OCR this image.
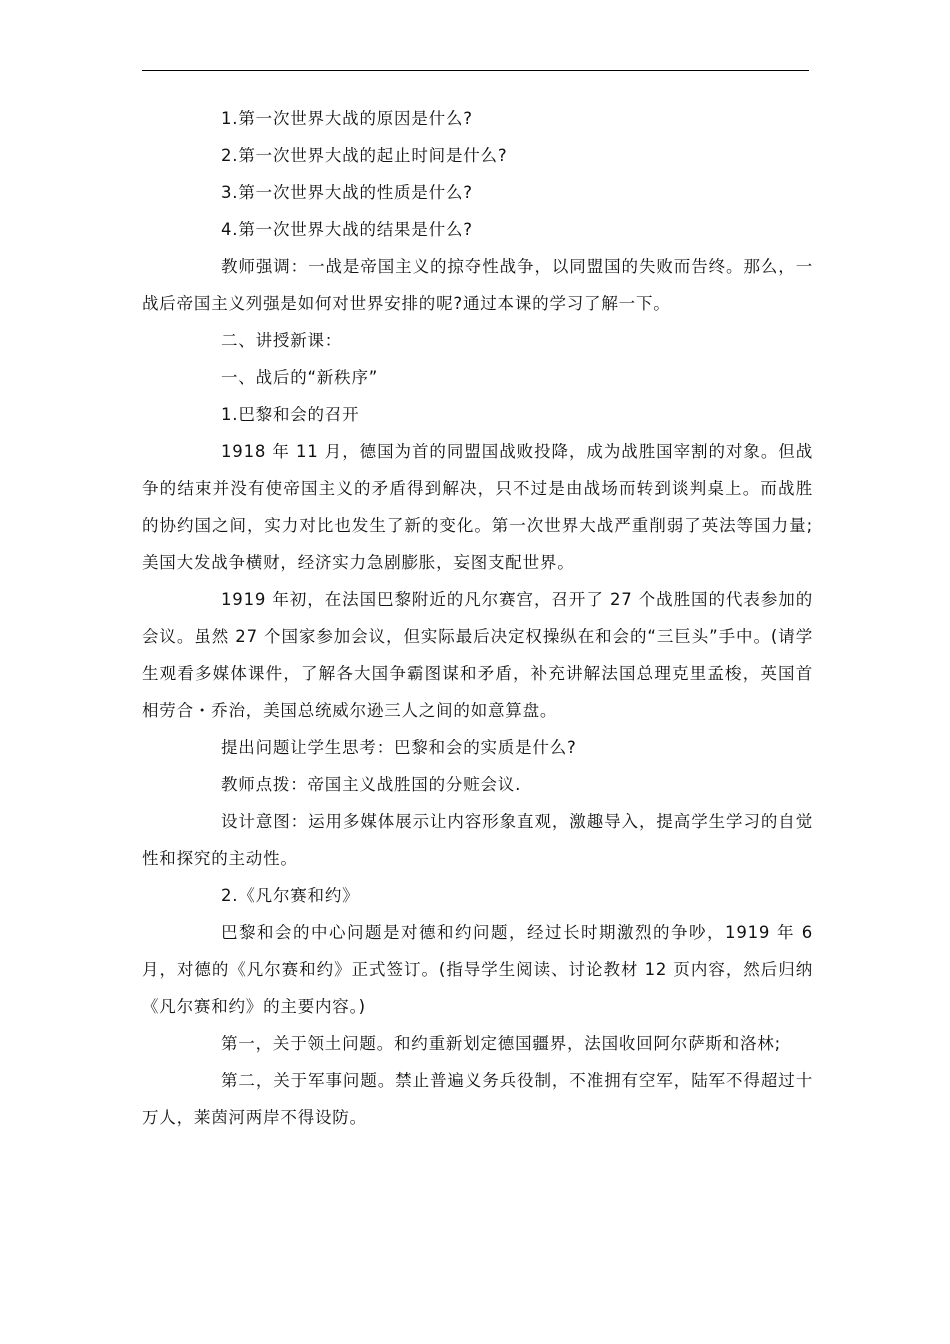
1.第一次世界大战的原因是什么?

2.第一次世界大战的起止时间是什么?

3.第一次世界大战的性质是什么?

4.第一次世界大战的结果是什么?

教师强调：一战是帝国主义的掠夺性战争，以同盟国的失败而告终。那么，一战后帝国主义列强是如何对世界安排的呢?通过本课的学习了解一下。

二、讲授新课：

一、战后的“新秩序”

1.巴黎和会的召开

1918 年 11 月，德国为首的同盟国战败投降，成为战胜国宰割的对象。但战争的结束并没有使帝国主义的矛盾得到解决，只不过是由战场而转到谈判桌上。而战胜的协约国之间，实力对比也发生了新的变化。第一次世界大战严重削弱了英法等国力量;美国大发战争横财，经济实力急剧膨胀，妄图支配世界。

1919 年初，在法国巴黎附近的凡尔赛宫，召开了 27 个战胜国的代表参加的会议。虽然 27 个国家参加会议，但实际最后决定权操纵在和会的“三巨头”手中。(请学生观看多媒体课件，了解各大国争霸图谋和矛盾，补充讲解法国总理克里孟梭，英国首相劳合・乔治，美国总统威尔逊三人之间的如意算盘。

提出问题让学生思考：巴黎和会的实质是什么?

教师点拨：帝国主义战胜国的分赃会议.

设计意图：运用多媒体展示让内容形象直观，激趣导入，提高学生学习的自觉性和探究的主动性。

2.《凡尔赛和约》

巴黎和会的中心问题是对德和约问题，经过长时期激烈的争吵，1919 年 6 月，对德的《凡尔赛和约》正式签订。(指导学生阅读、讨论教材 12 页内容，然后归纳《凡尔赛和约》的主要内容。)

第一，关于领土问题。和约重新划定德国疆界，法国收回阿尔萨斯和洛林;

第二，关于军事问题。禁止普遍义务兵役制，不准拥有空军，陆军不得超过十万人，莱茵河两岸不得设防。
